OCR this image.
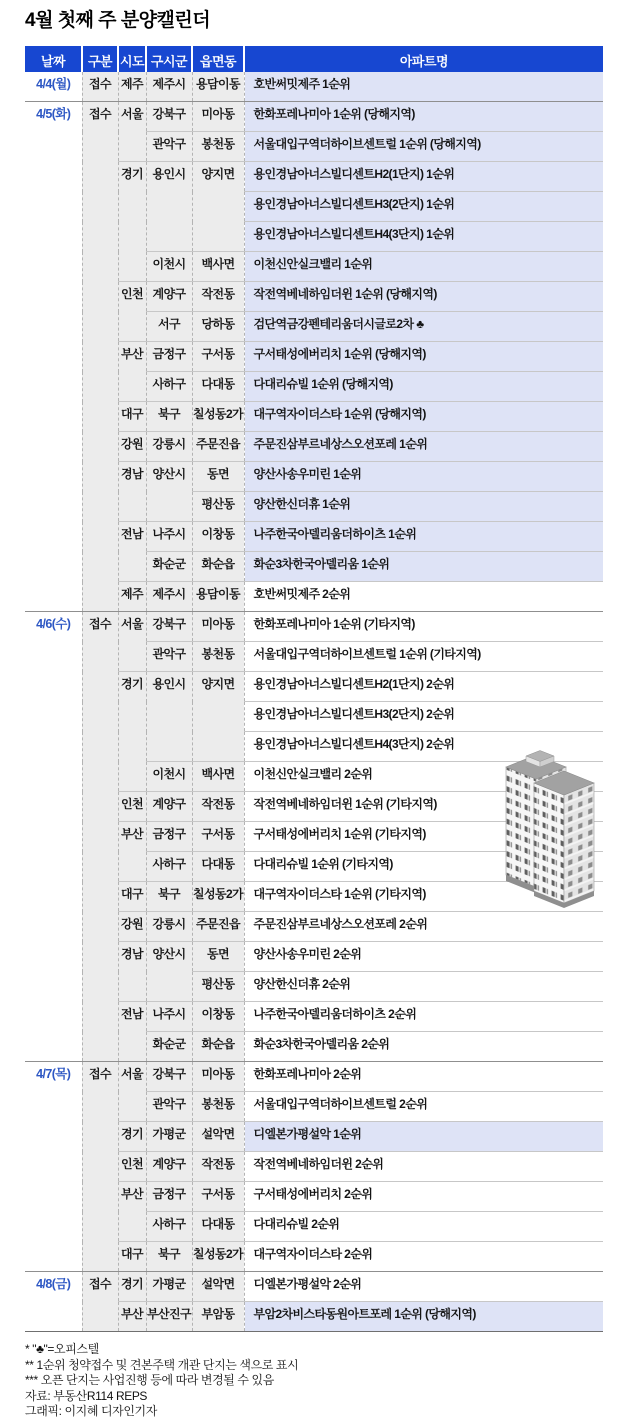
4월 첫째 주 분양캘린더
날짜	구분	시도	구시군	읍면동	아파트명
4/4(월)	접수	제주	제주시	용담이동	호반써밋제주 1순위
4/5(화)	접수	서울	강북구	미아동	한화포레나미아 1순위 (당해지역)
			관악구	봉천동	서울대입구역더하이브센트럴 1순위 (당해지역)
		경기	용인시	양지면	용인경남아너스빌디센트H2(1단지) 1순위
					용인경남아너스빌디센트H3(2단지) 1순위
					용인경남아너스빌디센트H4(3단지) 1순위
			이천시	백사면	이천신안실크밸리 1순위
		인천	계양구	작전동	작전역베네하임더윈 1순위 (당해지역)
			서구	당하동	검단역금강펜테리움더시글로2차 ♣
		부산	금정구	구서동	구서태성에버리치 1순위 (당해지역)
			사하구	다대동	다대리슈빌 1순위 (당해지역)
		대구	북구	칠성동2가	대구역자이더스타 1순위 (당해지역)
		강원	강릉시	주문진읍	주문진삼부르네상스오션포레 1순위
		경남	양산시	동면	양산사송우미린 1순위
				평산동	양산한신더휴 1순위
		전남	나주시	이창동	나주한국아델리움더하이츠 1순위
			화순군	화순읍	화순3차한국아델리움 1순위
		제주	제주시	용담이동	호반써밋제주 2순위
4/6(수)	접수	서울	강북구	미아동	한화포레나미아 1순위 (기타지역)
			관악구	봉천동	서울대입구역더하이브센트럴 1순위 (기타지역)
		경기	용인시	양지면	용인경남아너스빌디센트H2(1단지) 2순위
					용인경남아너스빌디센트H3(2단지) 2순위
					용인경남아너스빌디센트H4(3단지) 2순위
			이천시	백사면	이천신안실크밸리 2순위
		인천	계양구	작전동	작전역베네하임더윈 1순위 (기타지역)
		부산	금정구	구서동	구서태성에버리치 1순위 (기타지역)
			사하구	다대동	다대리슈빌 1순위 (기타지역)
		대구	북구	칠성동2가	대구역자이더스타 1순위 (기타지역)
		강원	강릉시	주문진읍	주문진삼부르네상스오션포레 2순위
		경남	양산시	동면	양산사송우미린 2순위
				평산동	양산한신더휴 2순위
		전남	나주시	이창동	나주한국아델리움더하이츠 2순위
			화순군	화순읍	화순3차한국아델리움 2순위
4/7(목)	접수	서울	강북구	미아동	한화포레나미아 2순위
			관악구	봉천동	서울대입구역더하이브센트럴 2순위
		경기	가평군	설악면	디엘본가평설악 1순위
		인천	계양구	작전동	작전역베네하임더윈 2순위
		부산	금정구	구서동	구서태성에버리치 2순위
			사하구	다대동	다대리슈빌 2순위
		대구	북구	칠성동2가	대구역자이더스타 2순위
4/8(금)	접수	경기	가평군	설악면	디엘본가평설악 2순위
		부산	부산진구	부암동	부암2차비스타동원아트포레 1순위 (당해지역)
* "♣"=오피스텔
** 1순위 청약접수 및 견본주택 개관 단지는 색으로 표시
*** 오픈 단지는 사업진행 등에 따라 변경될 수 있음
자료: 부동산R114 REPS
그래픽: 이지혜 디자인기자
